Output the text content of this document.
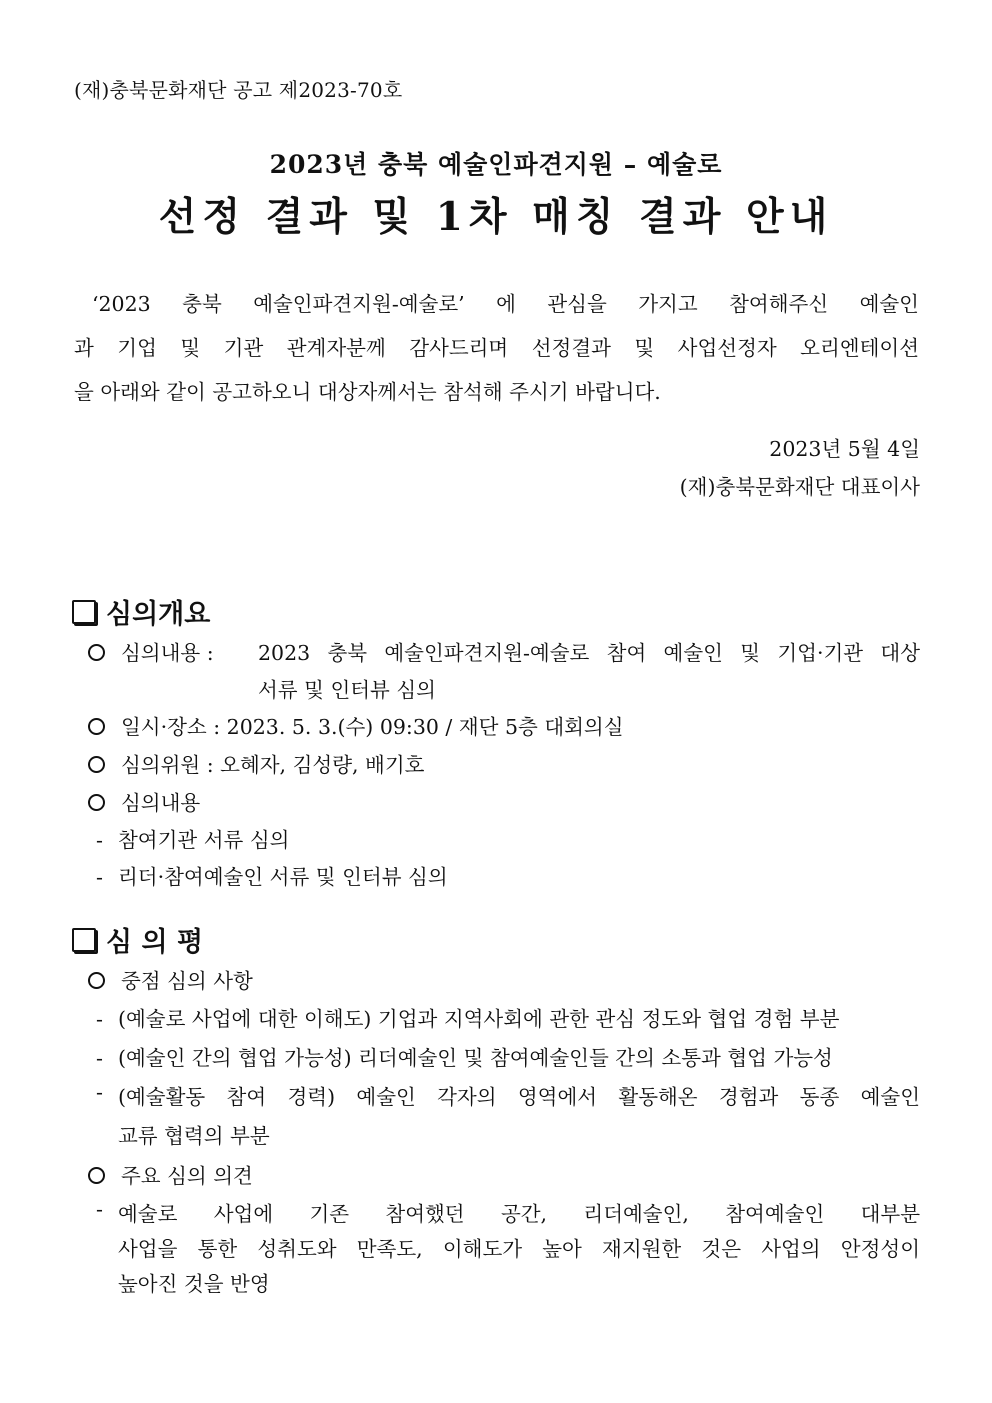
(재)충북문화재단 공고 제2023-70호
2023년 충북 예술인파견지원 – 예술로
선정 결과 및 1차 매칭 결과 안내
‘2023 충북 예술인파견지원-예술로’ 에 관심을 가지고 참여해주신 예술인
과 기업 및 기관 관계자분께 감사드리며 선정결과 및 사업선정자 오리엔테이션
을 아래와 같이 공고하오니 대상자께서는 참석해 주시기 바랍니다.
2023년 5월 4일
(재)충북문화재단 대표이사
심의개요
심의내용 : 2023 충북 예술인파견지원-예술로 참여 예술인 및 기업·기관 대상
서류 및 인터뷰 심의
일시·장소 : 2023. 5. 3.(수) 09:30 / 재단 5층 대회의실
심의위원 : 오혜자, 김성량, 배기호
심의내용
- 참여기관 서류 심의
- 리더·참여예술인 서류 및 인터뷰 심의
심 의 평
중점 심의 사항
- (예술로 사업에 대한 이해도) 기업과 지역사회에 관한 관심 정도와 협업 경험 부분
- (예술인 간의 협업 가능성) 리더예술인 및 참여예술인들 간의 소통과 협업 가능성
- (예술활동 참여 경력) 예술인 각자의 영역에서 활동해온 경험과 동종 예술인
교류 협력의 부분
주요 심의 의견
- 예술로 사업에 기존 참여했던 공간, 리더예술인, 참여예술인 대부분
사업을 통한 성취도와 만족도, 이해도가 높아 재지원한 것은 사업의 안정성이
높아진 것을 반영
